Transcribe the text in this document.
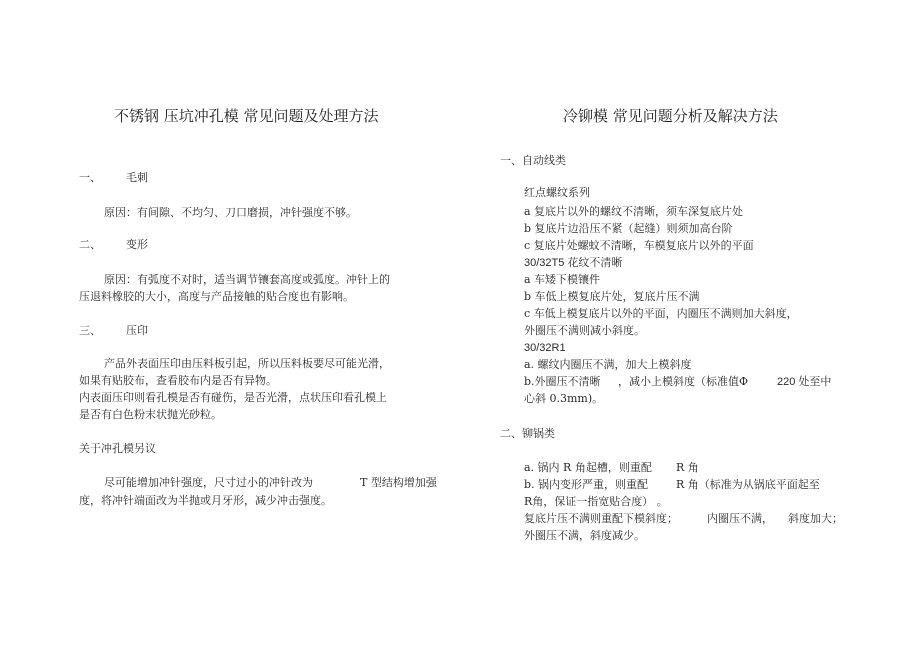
不锈钢 压坑冲孔模 常见问题及处理方法
一、 毛刺
原因：有间隙、不均匀、刀口磨损，冲针强度不够。
二、 变形
原因：有弧度不对时，适当调节镶套高度或弧度。冲针上的
压退料橡胶的大小，高度与产品接触的贴合度也有影响。
三、 压印
产品外表面压印由压料板引起，所以压料板要尽可能光滑，
如果有贴胶布，查看胶布内是否有异物。
内表面压印则看孔模是否有碰伤，是否光滑，点状压印看孔模上
是否有白色粉末状抛光砂粒。
关于冲孔模另议
尽可能增加冲针强度，尺寸过小的冲针改为	T 型结构增加强
度，将冲针端面改为半抛或月牙形，减少冲击强度。
冷铆模 常见问题分析及解决方法
一、自动线类
红点螺纹系列
a 复底片以外的螺纹不清晰，须车深复底片处
b 复底片边沿压不紧（起缝）则须加高台阶
c 复底片处螺蚊不清晰，车模复底片以外的平面
30/32T5 花纹不清晰
a 车矮下模镶件
b 车低上模复底片处，复底片压不满
c 车低上模复底片以外的平面，内圈压不满则加大斜度，
外圈压不满则减小斜度。
30/32R1
a. 螺纹内圈压不满，加大上模斜度
b.外圈压不清晰 ，减小上模斜度（标准值Φ	220 处至中
心斜 0.3mm)。
二、铆锅类
a. 锅内 R 角起槽，则重配 R 角
b. 锅内变形严重，则重配	R 角（标准为从锅底平面起至
R角，保证一指宽贴合度） 。
复底片压不满则重配下模斜度；	内圈压不满， 斜度加大；
外圈压不满，斜度减少。
